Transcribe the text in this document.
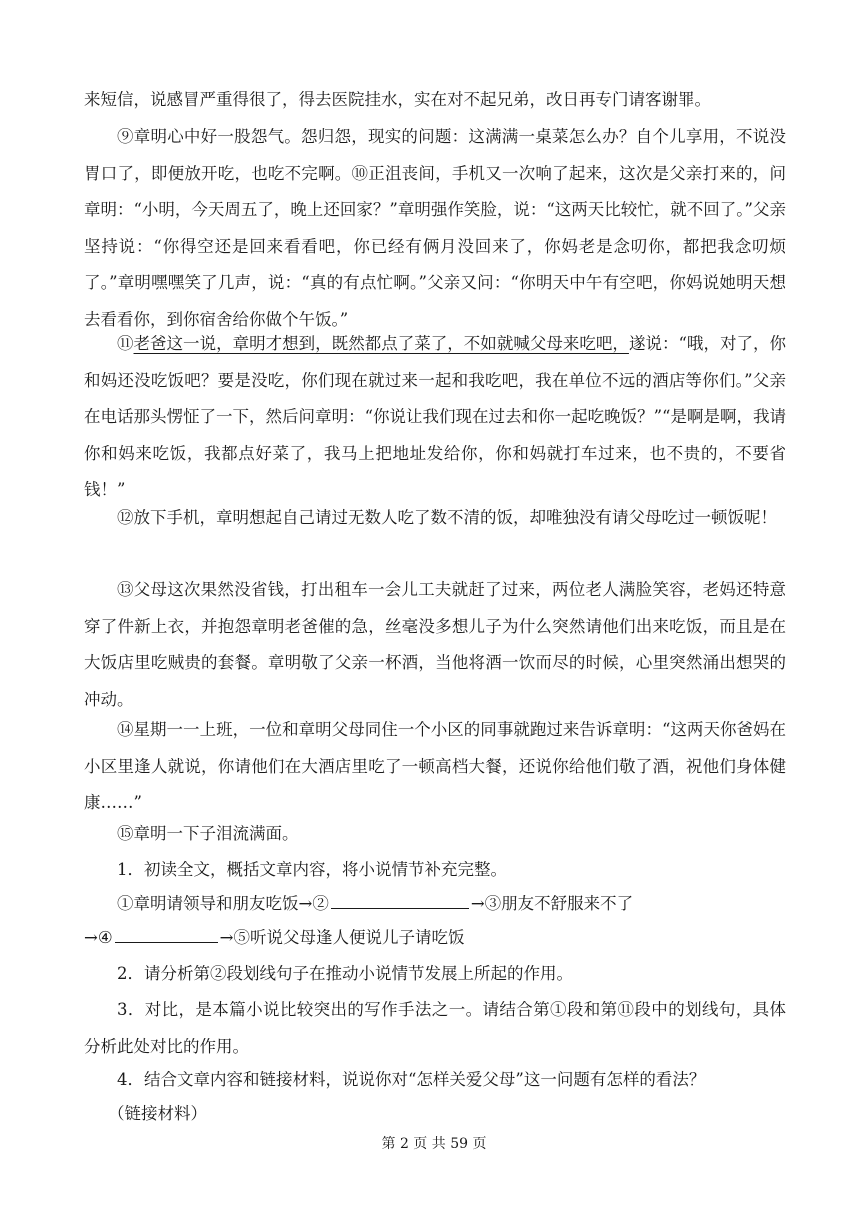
来短信，说感冒严重得很了，得去医院挂水，实在对不起兄弟，改日再专门请客谢罪。

⑨章明心中好一股怨气。怨归怨，现实的问题：这满满一桌菜怎么办？自个儿享用，不说没胃口了，即便放开吃，也吃不完啊。⑩正沮丧间，手机又一次响了起来，这次是父亲打来的，问章明：“小明，今天周五了，晚上还回家？”章明强作笑脸，说：“这两天比较忙，就不回了。”父亲坚持说：“你得空还是回来看看吧，你已经有俩月没回来了，你妈老是念叨你，都把我念叨烦了。”章明嘿嘿笑了几声，说：“真的有点忙啊。”父亲又问：“你明天中午有空吧，你妈说她明天想去看看你，到你宿舍给你做个午饭。”

⑪老爸这一说，章明才想到，既然都点了菜了，不如就喊父母来吃吧，遂说：“哦，对了，你和妈还没吃饭吧？要是没吃，你们现在就过来一起和我吃吧，我在单位不远的酒店等你们。”父亲在电话那头愣怔了一下，然后问章明：“你说让我们现在过去和你一起吃晚饭？”“是啊是啊，我请你和妈来吃饭，我都点好菜了，我马上把地址发给你，你和妈就打车过来，也不贵的，不要省钱！”

⑫放下手机，章明想起自己请过无数人吃了数不清的饭，却唯独没有请父母吃过一顿饭呢！

⑬父母这次果然没省钱，打出租车一会儿工夫就赶了过来，两位老人满脸笑容，老妈还特意穿了件新上衣，并抱怨章明老爸催的急，丝毫没多想儿子为什么突然请他们出来吃饭，而且是在大饭店里吃贼贵的套餐。章明敬了父亲一杯酒，当他将酒一饮而尽的时候，心里突然涌出想哭的冲动。

⑭星期一一上班，一位和章明父母同住一个小区的同事就跑过来告诉章明：“这两天你爸妈在小区里逢人就说，你请他们在大酒店里吃了一顿高档大餐，还说你给他们敬了酒，祝他们身体健康……”

⑮章明一下子泪流满面。

1．初读全文，概括文章内容，将小说情节补充完整。

①章明请领导和朋友吃饭→②	→③朋友不舒服来不了

→④	→⑤听说父母逢人便说儿子请吃饭

2．请分析第②段划线句子在推动小说情节发展上所起的作用。

3．对比，是本篇小说比较突出的写作手法之一。请结合第①段和第⑪段中的划线句，具体分析此处对比的作用。

4．结合文章内容和链接材料，说说你对“怎样关爱父母”这一问题有怎样的看法？

（链接材料）

第 2 页 共 59 页
